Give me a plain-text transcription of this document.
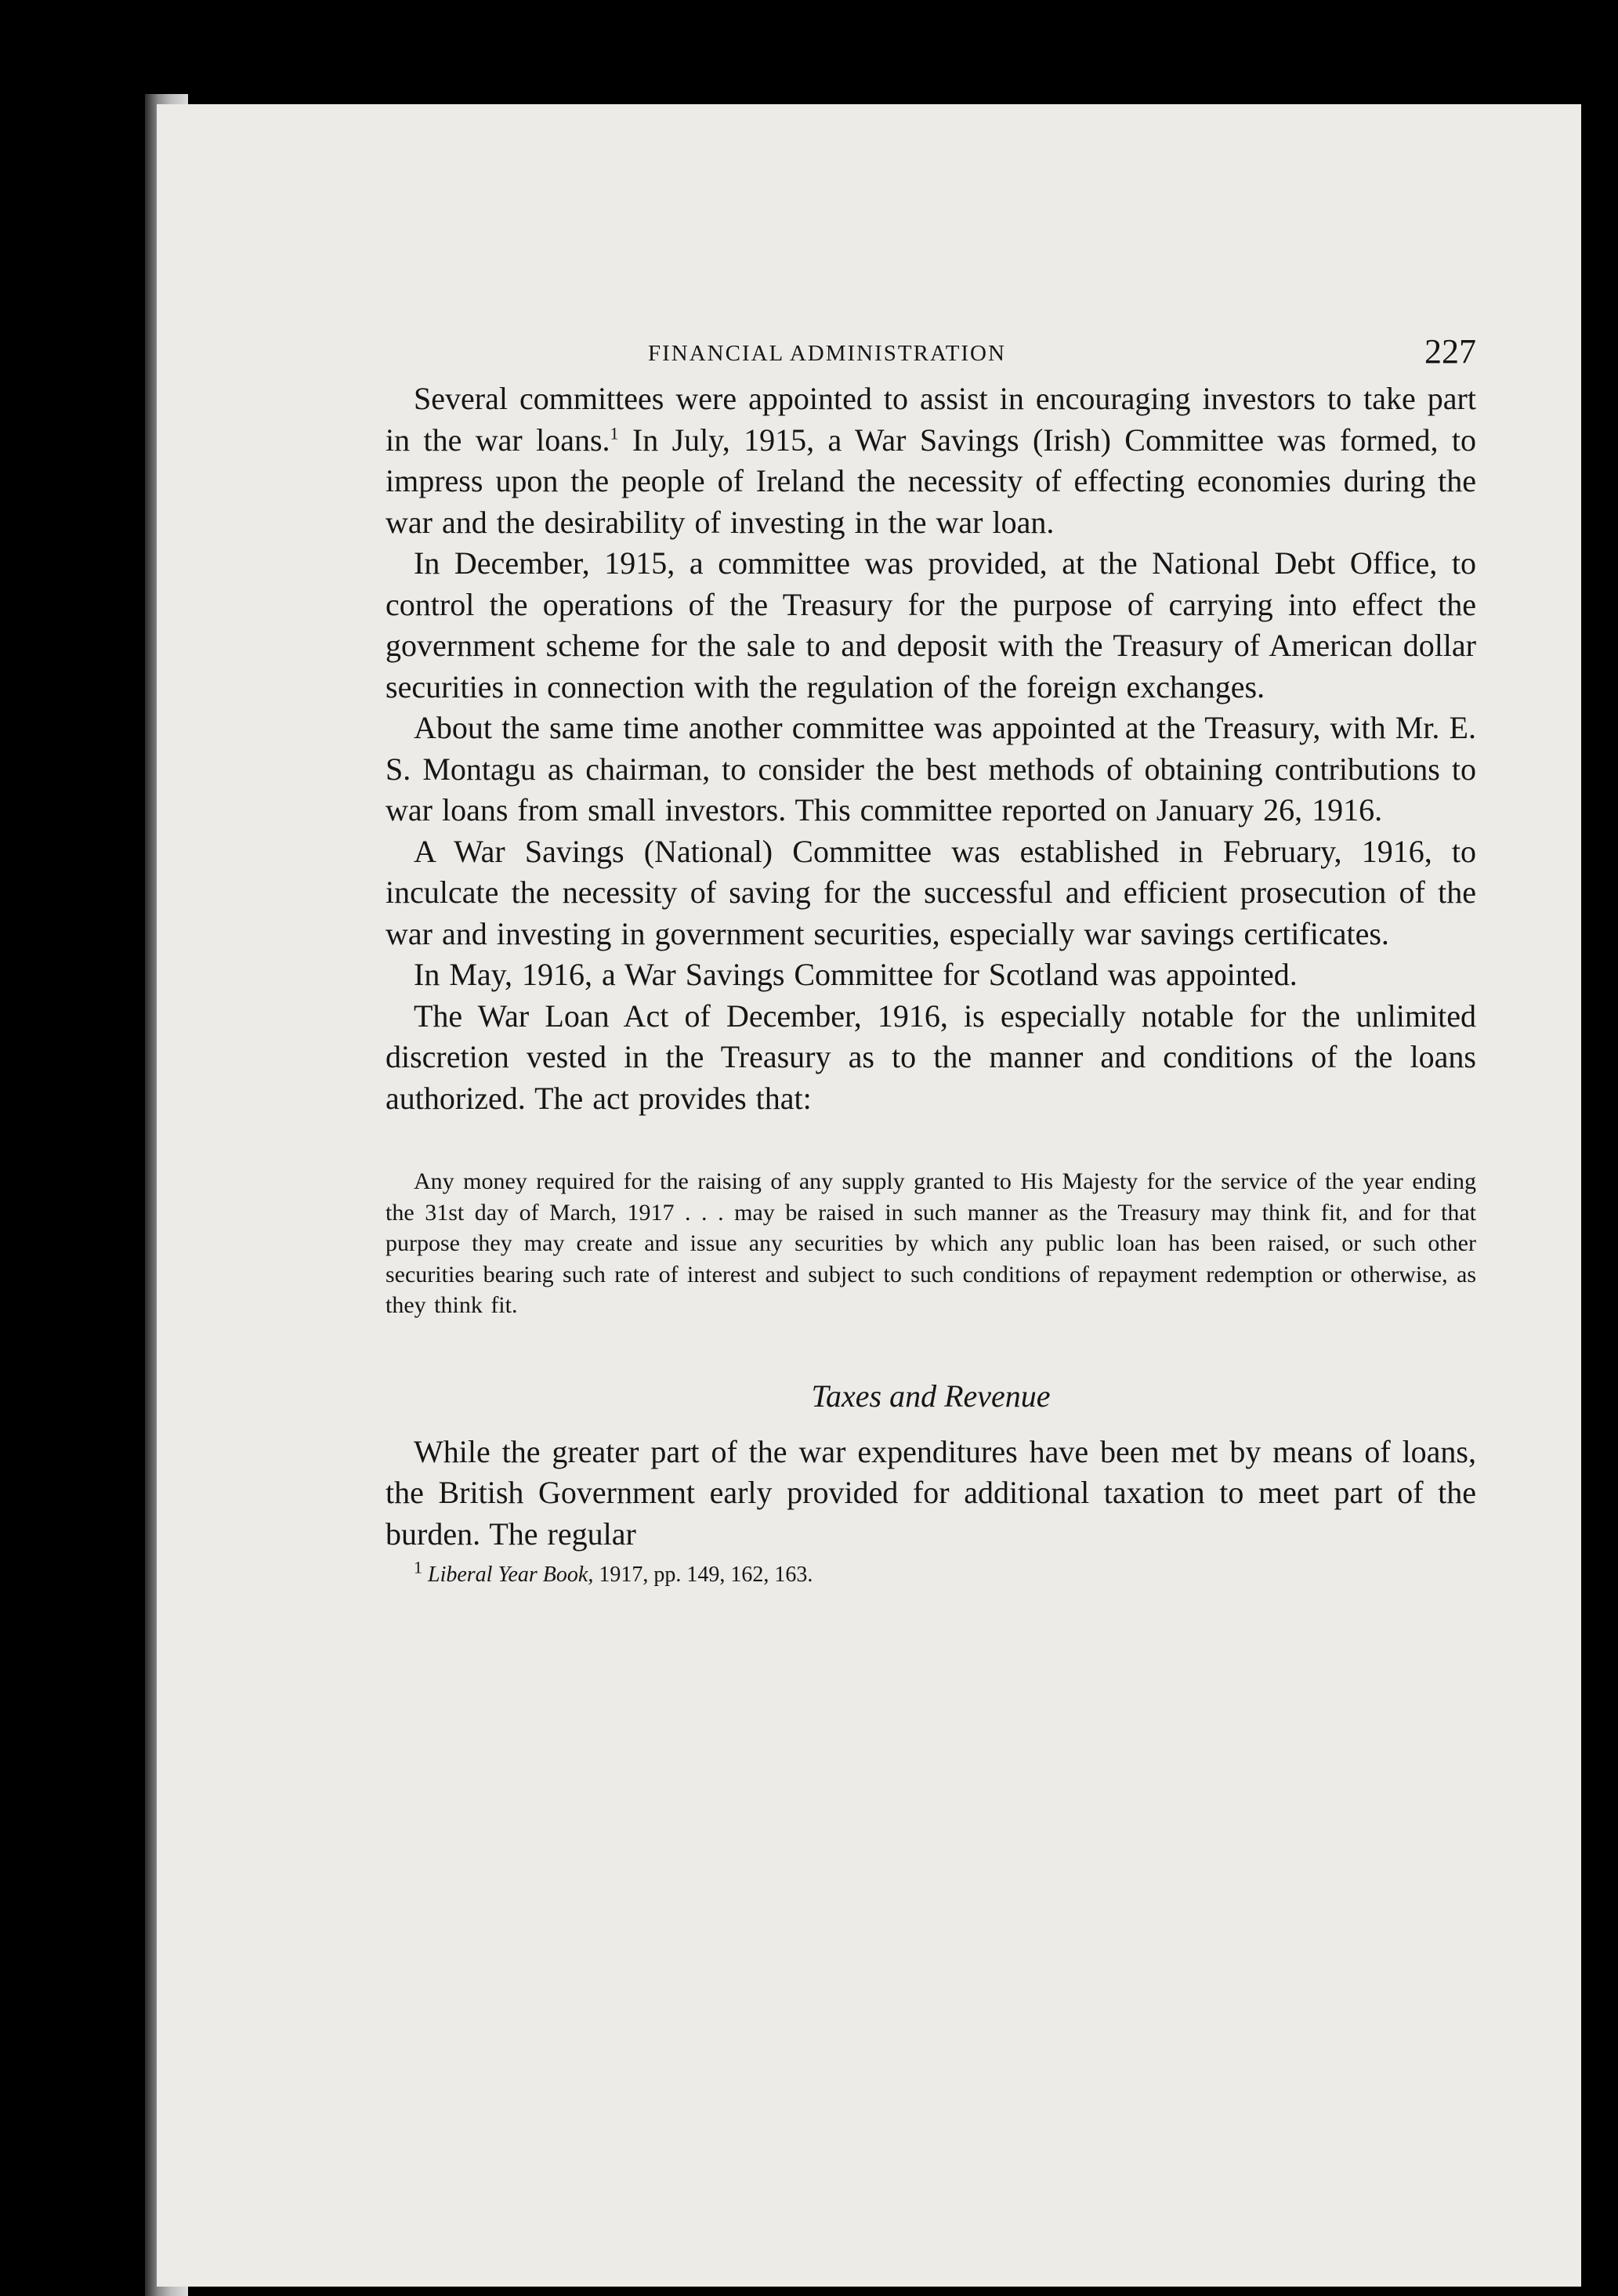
FINANCIAL ADMINISTRATION	227

Several committees were appointed to assist in encouraging investors to take part in the war loans.$^1$ In July, 1915, a War Savings (Irish) Committee was formed, to impress upon the people of Ireland the necessity of effecting economies during the war and the desirability of investing in the war loan.

In December, 1915, a committee was provided, at the National Debt Office, to control the operations of the Treasury for the purpose of carrying into effect the government scheme for the sale to and deposit with the Treasury of American dollar securities in connection with the regulation of the foreign exchanges.

About the same time another committee was appointed at the Treasury, with Mr. E. S. Montagu as chairman, to consider the best methods of obtaining contributions to war loans from small investors. This committee reported on January 26, 1916.

A War Savings (National) Committee was established in February, 1916, to inculcate the necessity of saving for the successful and efficient prosecution of the war and investing in government securities, especially war savings certificates.

In May, 1916, a War Savings Committee for Scotland was appointed.

The War Loan Act of December, 1916, is especially notable for the unlimited discretion vested in the Treasury as to the manner and conditions of the loans authorized. The act provides that:

Any money required for the raising of any supply granted to His Majesty for the service of the year ending the 31st day of March, 1917 . . . may be raised in such manner as the Treasury may think fit, and for that purpose they may create and issue any securities by which any public loan has been raised, or such other securities bearing such rate of interest and subject to such conditions of repayment redemption or otherwise, as they think fit.

Taxes and Revenue

While the greater part of the war expenditures have been met by means of loans, the British Government early provided for additional taxation to meet part of the burden. The regular

$^1$ Liberal Year Book, 1917, pp. 149, 162, 163.
